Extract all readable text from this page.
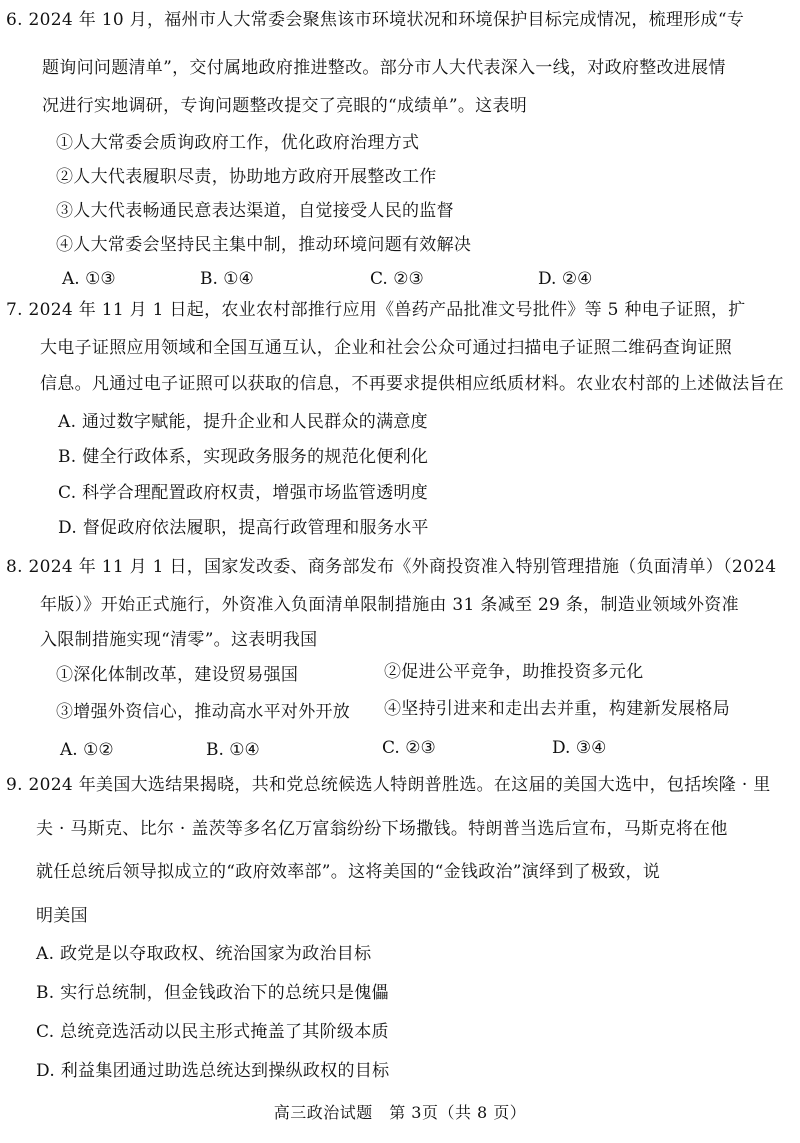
6. 2024 年 10 月，福州市人大常委会聚焦该市环境状况和环境保护目标完成情况，梳理形成“专
题询问问题清单”，交付属地政府推进整改。部分市人大代表深入一线，对政府整改进展情
况进行实地调研，专询问题整改提交了亮眼的“成绩单”。这表明
①人大常委会质询政府工作，优化政府治理方式
②人大代表履职尽责，协助地方政府开展整改工作
③人大代表畅通民意表达渠道，自觉接受人民的监督
④人大常委会坚持民主集中制，推动环境问题有效解决
A. ①③	B. ①④	C. ②③	D. ②④
7. 2024 年 11 月 1 日起，农业农村部推行应用《兽药产品批准文号批件》等 5 种电子证照，扩
大电子证照应用领域和全国互通互认，企业和社会公众可通过扫描电子证照二维码查询证照
信息。凡通过电子证照可以获取的信息，不再要求提供相应纸质材料。农业农村部的上述做法旨在
A. 通过数字赋能，提升企业和人民群众的满意度
B. 健全行政体系，实现政务服务的规范化便利化
C. 科学合理配置政府权责，增强市场监管透明度
D. 督促政府依法履职，提高行政管理和服务水平
8. 2024 年 11 月 1 日，国家发改委、商务部发布《外商投资准入特别管理措施（负面清单）（2024
年版）》开始正式施行，外资准入负面清单限制措施由 31 条减至 29 条，制造业领域外资准
入限制措施实现“清零”。这表明我国
①深化体制改革，建设贸易强国	②促进公平竞争，助推投资多元化
③增强外资信心，推动高水平对外开放 ④坚持引进来和走出去并重，构建新发展格局
A. ①②	B. ①④	C. ②③	D. ③④
9. 2024 年美国大选结果揭晓，共和党总统候选人特朗普胜选。在这届的美国大选中，包括埃隆 · 里
夫 · 马斯克、比尔 · 盖茨等多名亿万富翁纷纷下场撒钱。特朗普当选后宣布，马斯克将在他
就任总统后领导拟成立的“政府效率部”。这将美国的“金钱政治”演绎到了极致，说
明美国
A. 政党是以夺取政权、统治国家为政治目标
B. 实行总统制，但金钱政治下的总统只是傀儡
C. 总统竞选活动以民主形式掩盖了其阶级本质
D. 利益集团通过助选总统达到操纵政权的目标
高三政治试题　第 3页（共 8 页）
